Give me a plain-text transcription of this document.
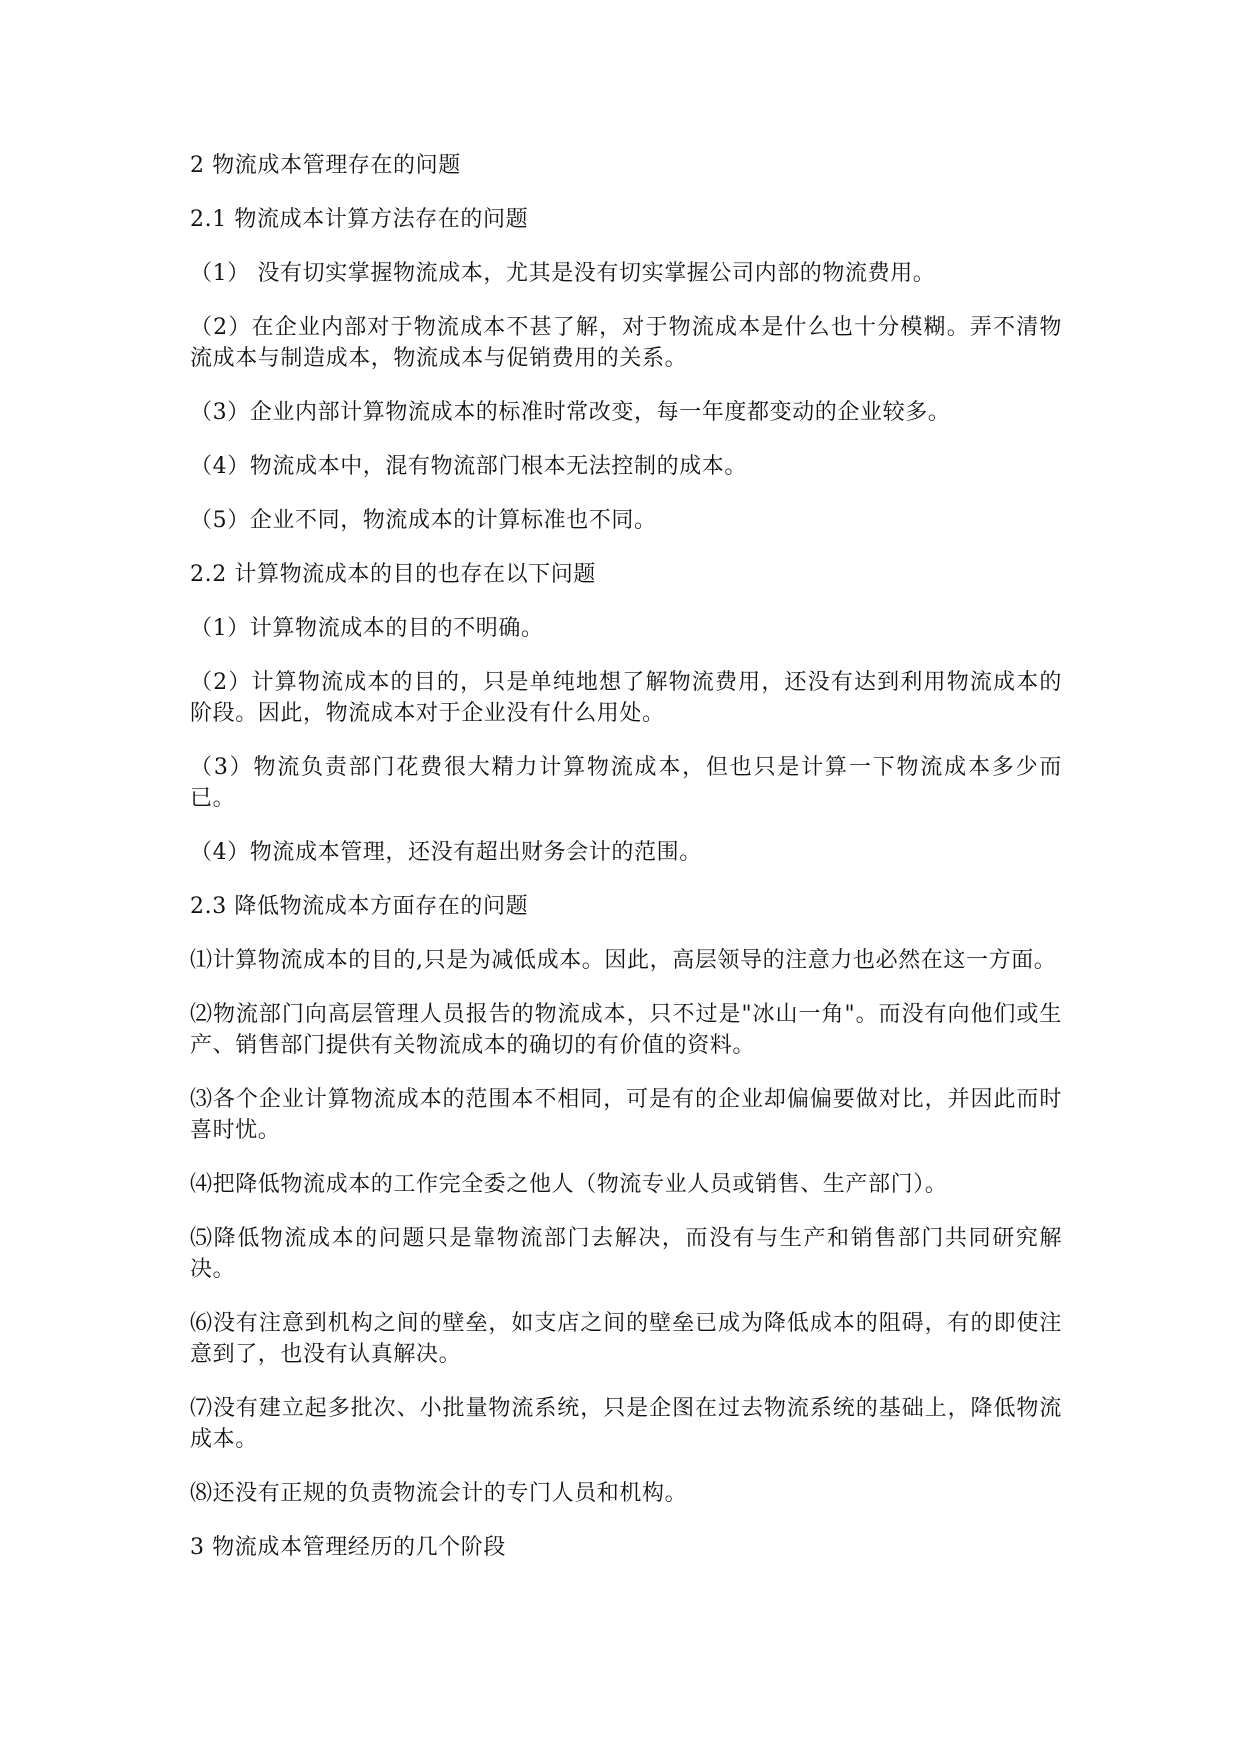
2 物流成本管理存在的问题

2.1 物流成本计算方法存在的问题

（1） 没有切实掌握物流成本，尤其是没有切实掌握公司内部的物流费用。

（2）在企业内部对于物流成本不甚了解，对于物流成本是什么也十分模糊。弄不清物流成本与制造成本，物流成本与促销费用的关系。

（3）企业内部计算物流成本的标准时常改变，每一年度都变动的企业较多。

（4）物流成本中，混有物流部门根本无法控制的成本。

（5）企业不同，物流成本的计算标准也不同。

2.2 计算物流成本的目的也存在以下问题

（1）计算物流成本的目的不明确。

（2）计算物流成本的目的，只是单纯地想了解物流费用，还没有达到利用物流成本的阶段。因此，物流成本对于企业没有什么用处。

（3）物流负责部门花费很大精力计算物流成本，但也只是计算一下物流成本多少而已。

（4）物流成本管理，还没有超出财务会计的范围。

2.3 降低物流成本方面存在的问题

⑴计算物流成本的目的,只是为减低成本。因此，高层领导的注意力也必然在这一方面。

⑵物流部门向高层管理人员报告的物流成本，只不过是"冰山一角"。而没有向他们或生产、销售部门提供有关物流成本的确切的有价值的资料。

⑶各个企业计算物流成本的范围本不相同，可是有的企业却偏偏要做对比，并因此而时喜时忧。

⑷把降低物流成本的工作完全委之他人（物流专业人员或销售、生产部门）。

⑸降低物流成本的问题只是靠物流部门去解决，而没有与生产和销售部门共同研究解决。

⑹没有注意到机构之间的壁垒，如支店之间的壁垒已成为降低成本的阻碍，有的即使注意到了，也没有认真解决。

⑺没有建立起多批次、小批量物流系统，只是企图在过去物流系统的基础上，降低物流成本。

⑻还没有正规的负责物流会计的专门人员和机构。

3 物流成本管理经历的几个阶段
